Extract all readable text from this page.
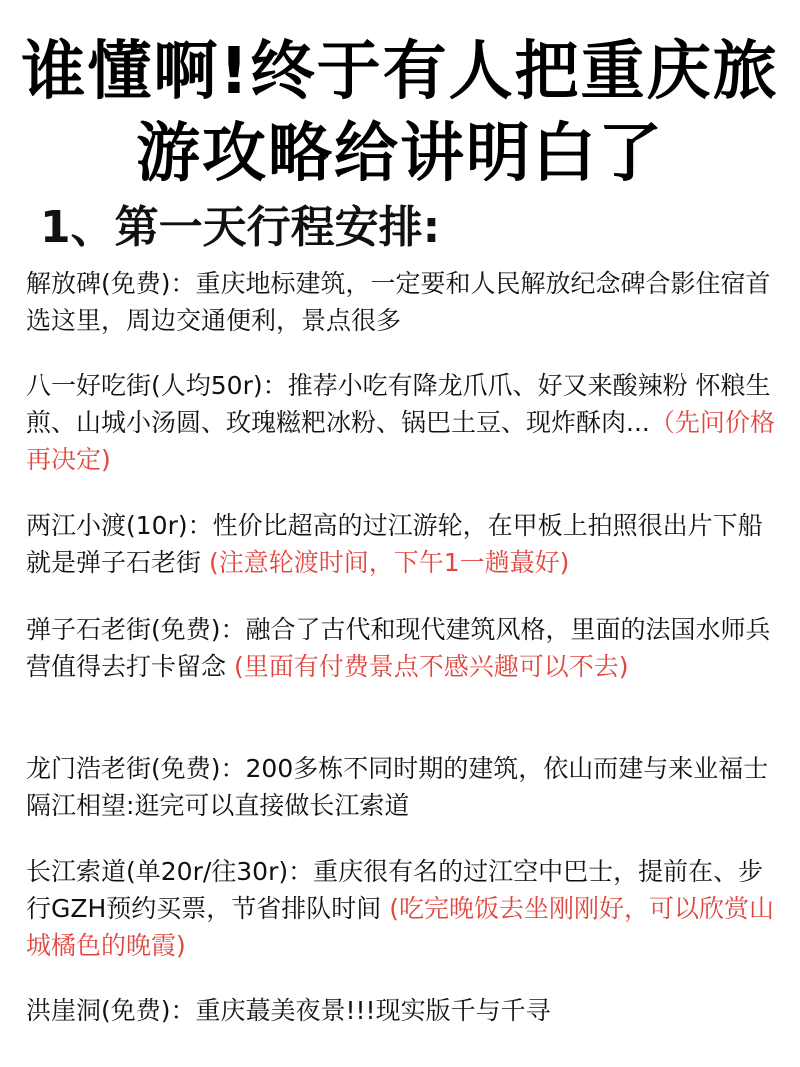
谁懂啊!终于有人把重庆旅
游攻略给讲明白了
1、第一天行程安排:

解放碑(免费)：重庆地标建筑，一定要和人民解放纪念碑合影住宿首选这里，周边交通便利，景点很多

八一好吃街(人均50r)：推荐小吃有降龙爪爪、好又来酸辣粉 怀粮生煎、山城小汤圆、玫瑰糍粑冰粉、锅巴土豆、现炸酥肉...（先问价格再决定)

两江小渡(10r)：性价比超高的过江游轮，在甲板上拍照很出片下船就是弹子石老街 (注意轮渡时间，下午1一趟蕞好)

弹子石老街(免费)：融合了古代和现代建筑风格，里面的法国水师兵营值得去打卡留念 (里面有付费景点不感兴趣可以不去)

龙门浩老街(免费)：200多栋不同时期的建筑，依山而建与来业福士隔江相望:逛完可以直接做长江索道

长江索道(单20r/往30r)：重庆很有名的过江空中巴士，提前在、步行GZH预约买票，节省排队时间 (吃完晚饭去坐刚刚好，可以欣赏山城橘色的晚霞)

洪崖洞(免费)：重庆蕞美夜景!!!现实版千与千寻
